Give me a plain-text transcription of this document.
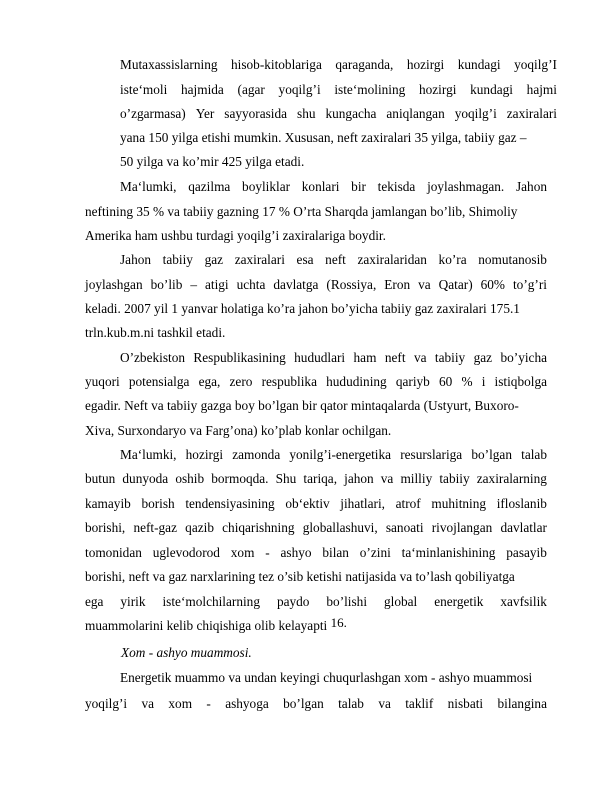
Mutaxassislarning hisob-kitoblariga qaraganda, hozirgi kundagi yoqilg’I
iste‘moli hajmida (agar yoqilg’i iste‘molining hozirgi kundagi hajmi
o’zgarmasa) Yer sayyorasida shu kungacha aniqlangan yoqilg’i zaxiralari
yana 150 yilga etishi mumkin. Xususan, neft zaxiralari 35 yilga, tabiiy gaz –
50 yilga va ko’mir 425 yilga etadi.
Ma‘lumki, qazilma boyliklar konlari bir tekisda joylashmagan. Jahon
neftining 35 % va tabiiy gazning 17 % O’rta Sharqda jamlangan bo’lib, Shimoliy
Amerika ham ushbu turdagi yoqilg’i zaxiralariga boydir.
Jahon tabiiy gaz zaxiralari esa neft zaxiralaridan ko’ra nomutanosib
joylashgan bo’lib – atigi uchta davlatga (Rossiya, Eron va Qatar) 60% to’g’ri
keladi. 2007 yil 1 yanvar holatiga ko’ra jahon bo’yicha tabiiy gaz zaxiralari 175.1
trln.kub.m.ni tashkil etadi.
O’zbekiston Respublikasining hududlari ham neft va tabiiy gaz bo’yicha
yuqori potensialga ega, zero respublika hududining qariyb 60 % i istiqbolga
egadir. Neft va tabiiy gazga boy bo’lgan bir qator mintaqalarda (Ustyurt, Buxoro-
Xiva, Surxondaryo va Farg’ona) ko’plab konlar ochilgan.
Ma‘lumki, hozirgi zamonda yonilg’i-energetika resurslariga bo’lgan talab
butun dunyoda oshib bormoqda. Shu tariqa, jahon va milliy tabiiy zaxiralarning
kamayib borish tendensiyasining ob‘ektiv jihatlari, atrof muhitning ifloslanib
borishi, neft-gaz qazib chiqarishning globallashuvi, sanoati rivojlangan davlatlar
tomonidan uglevodorod xom - ashyo bilan o’zini ta‘minlanishining pasayib
borishi, neft va gaz narxlarining tez o’sib ketishi natijasida va to’lash qobiliyatga
ega yirik iste‘molchilarning paydo bo’lishi global energetik xavfsilik
muammolarini kelib chiqishiga olib kelayapti 16.
Xom - ashyo muammosi.
Energetik muammo va undan keyingi chuqurlashgan xom - ashyo muammosi
yoqilg’i va xom - ashyoga bo’lgan talab va taklif nisbati bilangina
